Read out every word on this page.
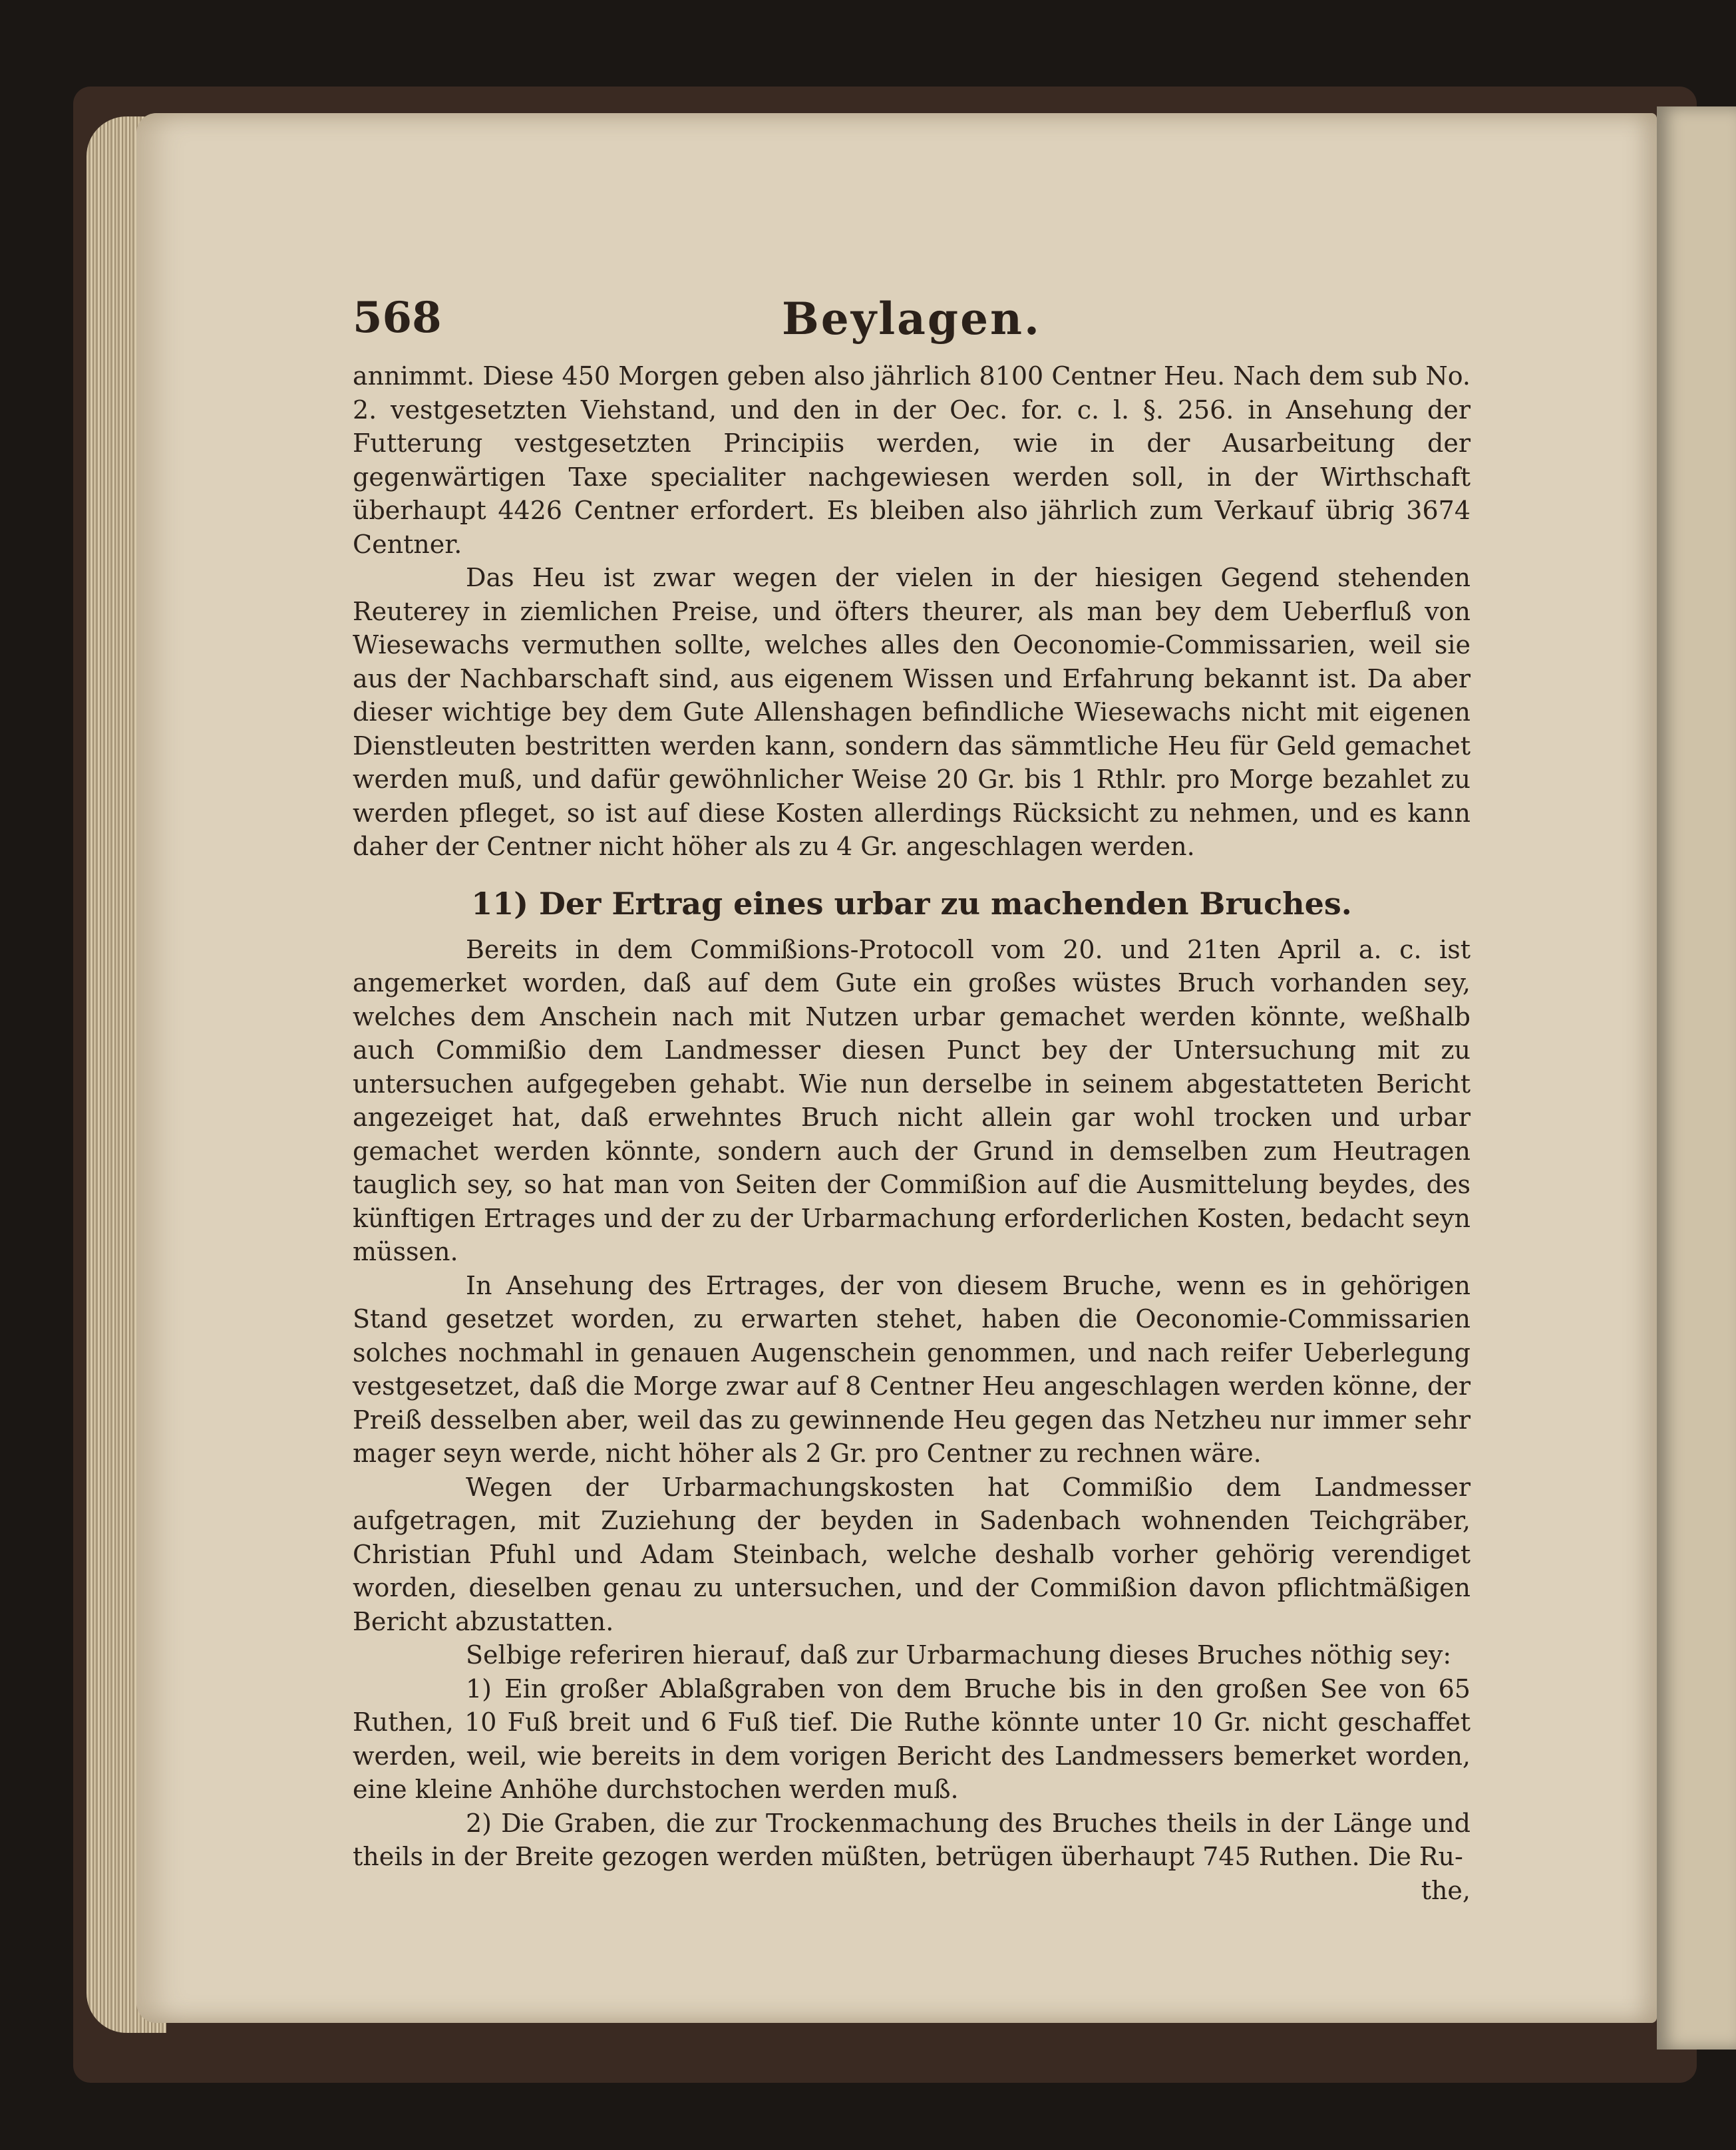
568	Beylagen.

annimmt. Diese 450 Morgen geben also jährlich 8100 Centner Heu. Nach dem sub No. 2. vestgesetzten Viehstand, und den in der Oec. for. c. l. §. 256. in Ansehung der Futterung vestgesetzten Principiis werden, wie in der Ausarbeitung der gegenwärtigen Taxe specialiter nachgewiesen werden soll, in der Wirthschaft überhaupt 4426 Centner erfordert. Es bleiben also jährlich zum Verkauf übrig 3674 Centner.

Das Heu ist zwar wegen der vielen in der hiesigen Gegend stehenden Reuterey in ziemlichen Preise, und öfters theurer, als man bey dem Ueberfluß von Wiesewachs vermuthen sollte, welches alles den Oeconomie-Commissarien, weil sie aus der Nachbarschaft sind, aus eigenem Wissen und Erfahrung bekannt ist. Da aber dieser wichtige bey dem Gute Allenshagen befindliche Wiesewachs nicht mit eigenen Dienstleuten bestritten werden kann, sondern das sämmtliche Heu für Geld gemachet werden muß, und dafür gewöhnlicher Weise 20 Gr. bis 1 Rthlr. pro Morge bezahlet zu werden pfleget, so ist auf diese Kosten allerdings Rücksicht zu nehmen, und es kann daher der Centner nicht höher als zu 4 Gr. angeschlagen werden.

11) Der Ertrag eines urbar zu machenden Bruches.

Bereits in dem Commißions-Protocoll vom 20. und 21ten April a. c. ist angemerket worden, daß auf dem Gute ein großes wüstes Bruch vorhanden sey, welches dem Anschein nach mit Nutzen urbar gemachet werden könnte, weßhalb auch Commißio dem Landmesser diesen Punct bey der Untersuchung mit zu untersuchen aufgegeben gehabt. Wie nun derselbe in seinem abgestatteten Bericht angezeiget hat, daß erwehntes Bruch nicht allein gar wohl trocken und urbar gemachet werden könnte, sondern auch der Grund in demselben zum Heutragen tauglich sey, so hat man von Seiten der Commißion auf die Ausmittelung beydes, des künftigen Ertrages und der zu der Urbarmachung erforderlichen Kosten, bedacht seyn müssen.

In Ansehung des Ertrages, der von diesem Bruche, wenn es in gehörigen Stand gesetzet worden, zu erwarten stehet, haben die Oeconomie-Commissarien solches nochmahl in genauen Augenschein genommen, und nach reifer Ueberlegung vestgesetzet, daß die Morge zwar auf 8 Centner Heu angeschlagen werden könne, der Preiß desselben aber, weil das zu gewinnende Heu gegen das Netzheu nur immer sehr mager seyn werde, nicht höher als 2 Gr. pro Centner zu rechnen wäre.

Wegen der Urbarmachungskosten hat Commißio dem Landmesser aufgetragen, mit Zuziehung der beyden in Sadenbach wohnenden Teichgräber, Christian Pfuhl und Adam Steinbach, welche deshalb vorher gehörig verendiget worden, dieselben genau zu untersuchen, und der Commißion davon pflichtmäßigen Bericht abzustatten.

Selbige referiren hierauf, daß zur Urbarmachung dieses Bruches nöthig sey:

1) Ein großer Ablaßgraben von dem Bruche bis in den großen See von 65 Ruthen, 10 Fuß breit und 6 Fuß tief. Die Ruthe könnte unter 10 Gr. nicht geschaffet werden, weil, wie bereits in dem vorigen Bericht des Landmessers bemerket worden, eine kleine Anhöhe durchstochen werden muß.

2) Die Graben, die zur Trockenmachung des Bruches theils in der Länge und theils in der Breite gezogen werden müßten, betrügen überhaupt 745 Ruthen. Die Ru-

the,
